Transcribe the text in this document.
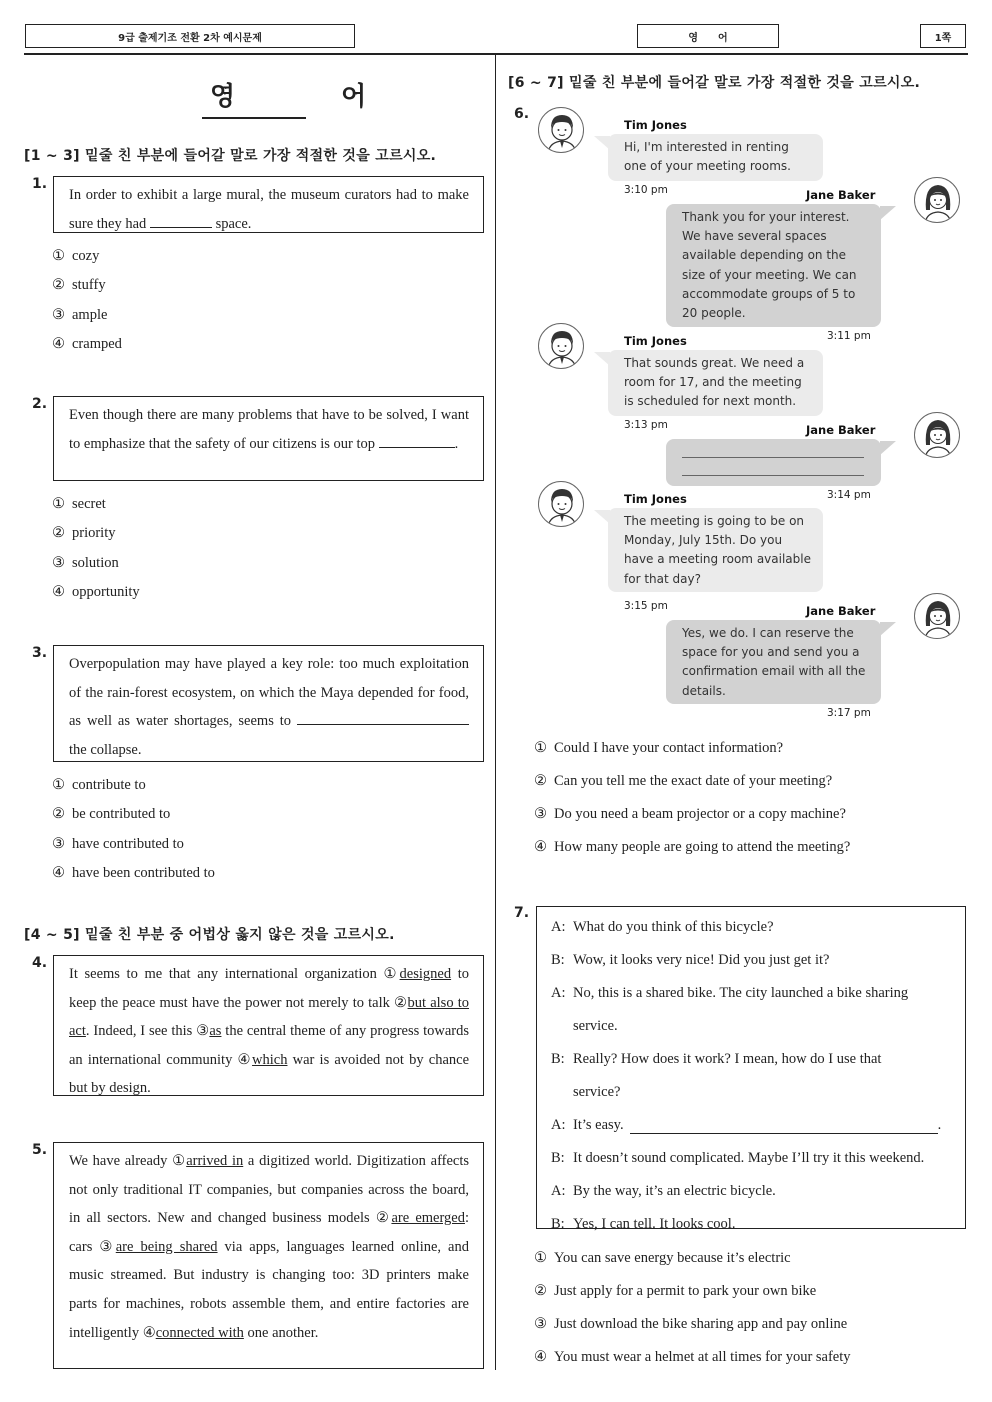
9급 출제기조 전환 2차 예시문제	영　　어	1쪽
영　어
[1 ~ 3] 밑줄 친 부분에 들어갈 말로 가장 적절한 것을 고르시오.
1.
In order to exhibit a large mural, the museum curators had to make sure they had	space.
① cozy
② stuffy
③ ample
④ cramped
2.
Even though there are many problems that have to be solved, I want to emphasize that the safety of our citizens is our top	.
① secret
② priority
③ solution
④ opportunity
3.
Overpopulation may have played a key role: too much exploitation of the rain-forest ecosystem, on which the Maya depended for food, as well as water shortages, seems to  the collapse.
① contribute to
② be contributed to
③ have contributed to
④ have been contributed to
[4 ~ 5] 밑줄 친 부분 중 어법상 옳지 않은 것을 고르시오.
4.
It seems to me that any international organization ①designed to keep the peace must have the power not merely to talk ②but also to act. Indeed, I see this ③as the central theme of any progress towards an international community ④which war is avoided not by chance but by design.
5.
We have already ①arrived in a digitized world. Digitization affects not only traditional IT companies, but companies across the board, in all sectors. New and changed business models ②are emerged: cars ③are being shared via apps, languages learned online, and music streamed. But industry is changing too: 3D printers make parts for machines, robots assemble them, and entire factories are intelligently ④connected with one another.
[6 ~ 7] 밑줄 친 부분에 들어갈 말로 가장 적절한 것을 고르시오.
6.
Tim Jones
Hi, I'm interested in renting one of your meeting rooms.
3:10 pm	Jane Baker
Thank you for your interest. We have several spaces available depending on the size of your meeting. We can accommodate groups of 5 to 20 people.
3:11 pm
Tim Jones
That sounds great. We need a room for 17, and the meeting is scheduled for next month.
3:13 pm	Jane Baker
3:14 pm
Tim Jones
The meeting is going to be on Monday, July 15th. Do you have a meeting room available for that day?
3:15 pm	Jane Baker
Yes, we do. I can reserve the space for you and send you a confirmation email with all the details.
3:17 pm
① Could I have your contact information?
② Can you tell me the exact date of your meeting?
③ Do you need a beam projector or a copy machine?
④ How many people are going to attend the meeting?
7.
A: What do you think of this bicycle?
B: Wow, it looks very nice! Did you just get it?
A: No, this is a shared bike. The city launched a bike sharing
service.
B: Really? How does it work? I mean, how do I use that
service?
A: It’s easy.	.
B: It doesn’t sound complicated. Maybe I’ll try it this weekend.
A: By the way, it’s an electric bicycle.
B: Yes, I can tell. It looks cool.
① You can save energy because it’s electric
② Just apply for a permit to park your own bike
③ Just download the bike sharing app and pay online
④ You must wear a helmet at all times for your safety
